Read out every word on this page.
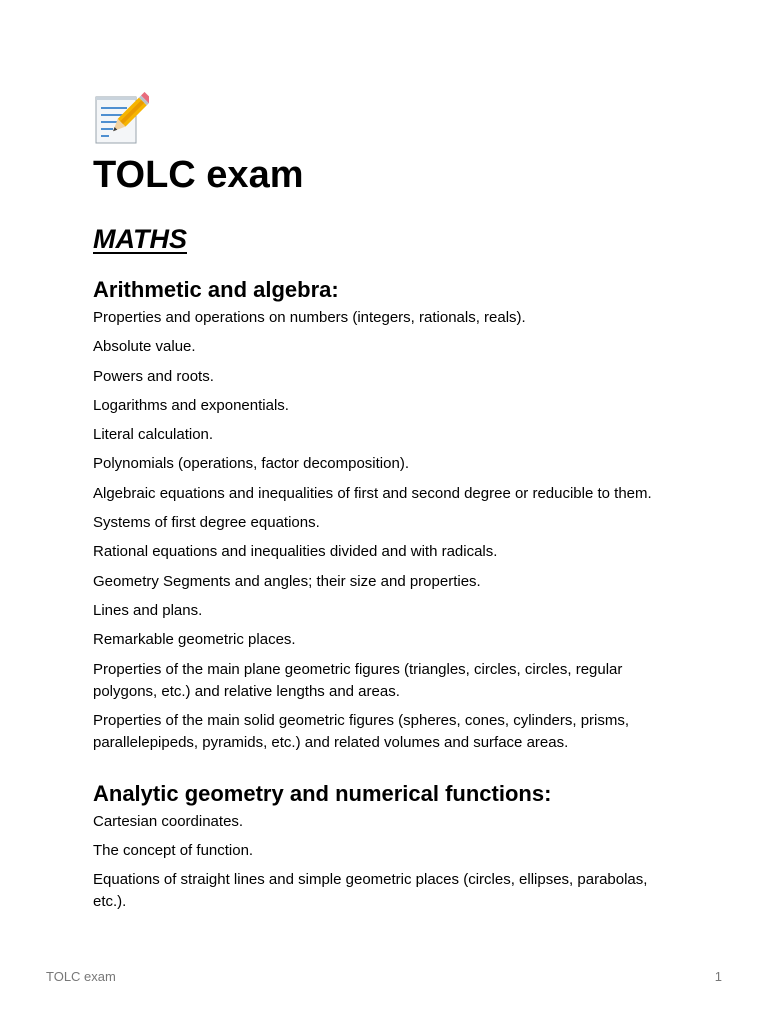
TOLC exam
MATHS
Arithmetic and algebra:
Properties and operations on numbers (integers, rationals, reals).
Absolute value.
Powers and roots.
Logarithms and exponentials.
Literal calculation.
Polynomials (operations, factor decomposition).
Algebraic equations and inequalities of first and second degree or reducible to them.
Systems of first degree equations.
Rational equations and inequalities divided and with radicals.
Geometry Segments and angles; their size and properties.
Lines and plans.
Remarkable geometric places.
Properties of the main plane geometric figures (triangles, circles, circles, regular polygons, etc.) and relative lengths and areas.
Properties of the main solid geometric figures (spheres, cones, cylinders, prisms, parallelepipeds, pyramids, etc.) and related volumes and surface areas.
Analytic geometry and numerical functions:
Cartesian coordinates.
The concept of function.
Equations of straight lines and simple geometric places (circles, ellipses, parabolas, etc.).
TOLC exam	1
